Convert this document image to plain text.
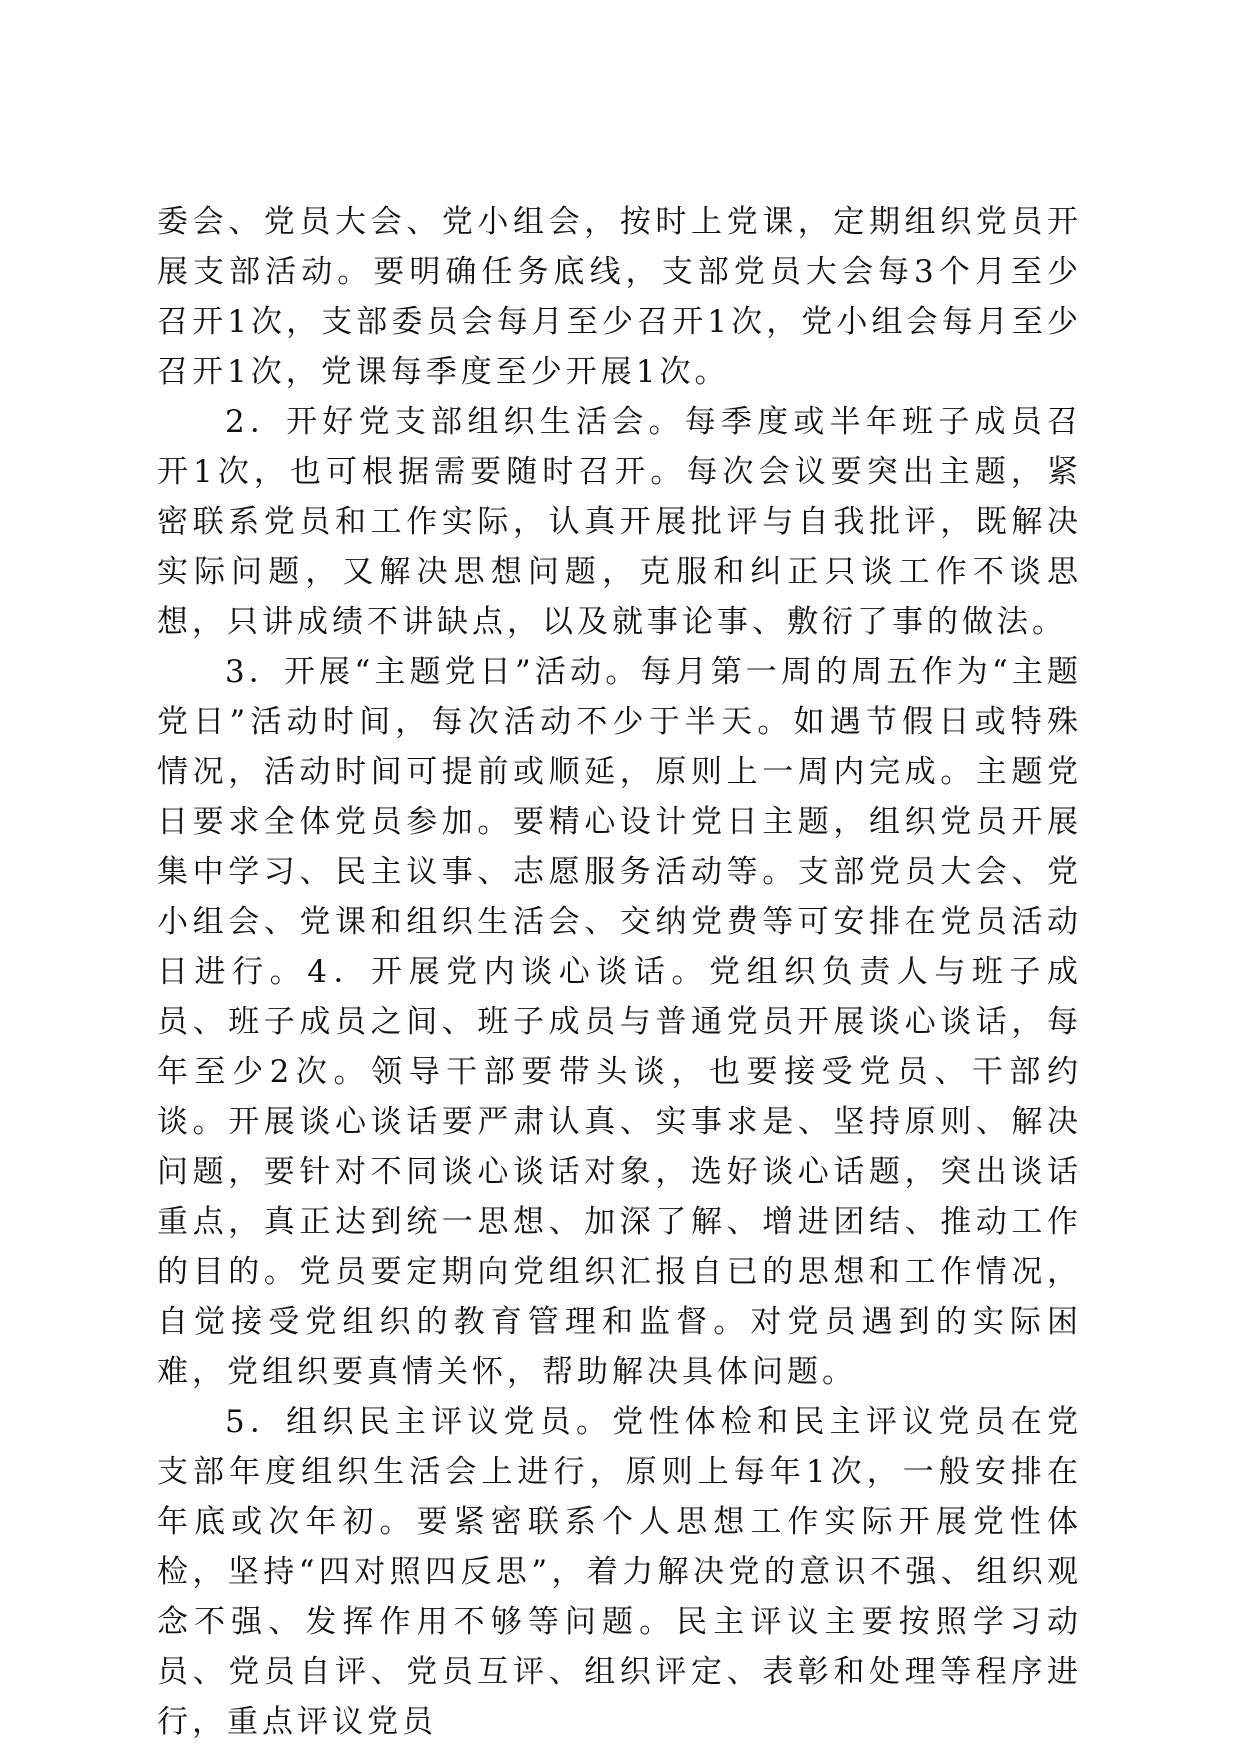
委会、党员大会、党小组会，按时上党课，定期组织党员开展支部活动。要明确任务底线，支部党员大会每3个月至少召开1次，支部委员会每月至少召开1次，党小组会每月至少召开1次，党课每季度至少开展1次。

2．开好党支部组织生活会。每季度或半年班子成员召开1次，也可根据需要随时召开。每次会议要突出主题，紧密联系党员和工作实际，认真开展批评与自我批评，既解决实际问题，又解决思想问题，克服和纠正只谈工作不谈思想，只讲成绩不讲缺点，以及就事论事、敷衍了事的做法。

3．开展“主题党日”活动。每月第一周的周五作为“主题党日”活动时间，每次活动不少于半天。如遇节假日或特殊情况，活动时间可提前或顺延，原则上一周内完成。主题党日要求全体党员参加。要精心设计党日主题，组织党员开展集中学习、民主议事、志愿服务活动等。支部党员大会、党小组会、党课和组织生活会、交纳党费等可安排在党员活动日进行。4．开展党内谈心谈话。党组织负责人与班子成员、班子成员之间、班子成员与普通党员开展谈心谈话，每年至少2次。领导干部要带头谈，也要接受党员、干部约谈。开展谈心谈话要严肃认真、实事求是、坚持原则、解决问题，要针对不同谈心谈话对象，选好谈心话题，突出谈话重点，真正达到统一思想、加深了解、增进团结、推动工作的目的。党员要定期向党组织汇报自已的思想和工作情况，自觉接受党组织的教育管理和监督。对党员遇到的实际困难，党组织要真情关怀，帮助解决具体问题。

5．组织民主评议党员。党性体检和民主评议党员在党支部年度组织生活会上进行，原则上每年1次，一般安排在年底或次年初。要紧密联系个人思想工作实际开展党性体检，坚持“四对照四反思”，着力解决党的意识不强、组织观念不强、发挥作用不够等问题。民主评议主要按照学习动员、党员自评、党员互评、组织评定、表彰和处理等程序进行，重点评议党员
